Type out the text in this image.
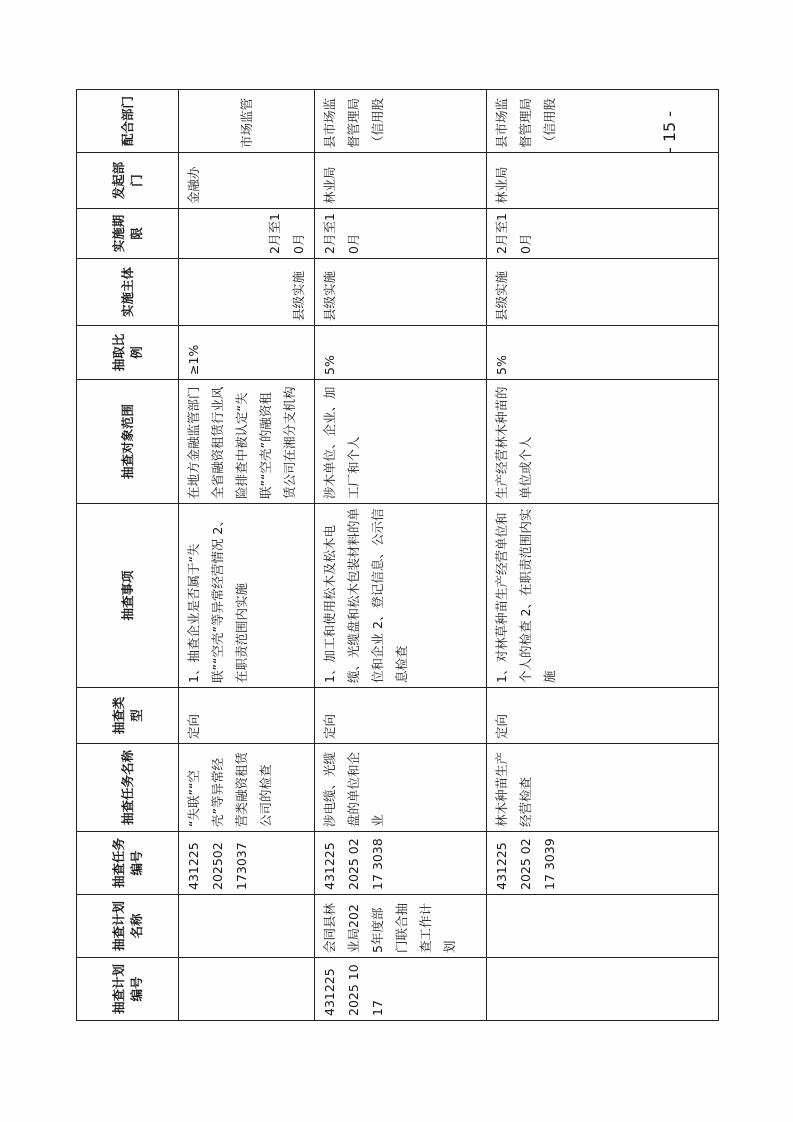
- 15 -
抽查计划编号	抽查计划名称	抽查任务编号	抽查任务名称	抽查类型	抽查事项	抽查对象范围	抽取比例	实施主体	实施期限	发起部门	配合部门
		431225202502173037	“失联”“空壳”等异常经营类融资租赁公司的检查	定向	1、抽查企业是否属于“失联”“空壳”等异常经营情况 2、在职责范围内实施	在地方金融监管部门全省融资租赁行业风险排查中被认定“失联”“空壳”的融资租赁公司在湘分支机构	≥1%	县级实施	2月至10月	金融办	市场监管
4312252025 1017	会同县林业局2025年度部门联合抽查工作计划	431225 2025 0217 3038	涉电缆、光缆盘的单位和企业	定向	1、加工和使用松木及松木电缆、光缆盘和松木包装材料的单位和企业 2、登记信息、公示信息检查	涉木单位、企业、加工厂和个人	5%	县级实施	2月至10月	林业局	县市场监督管理局（信用股
		431225 2025 0217 3039	林木种苗生产经营检查	定向	1、对林草种苗生产经营单位和个人的检查 2、在职责范围内实施	生产经营林木种苗的单位或个人	5%	县级实施	2月至10月	林业局	县市场监督管理局（信用股
